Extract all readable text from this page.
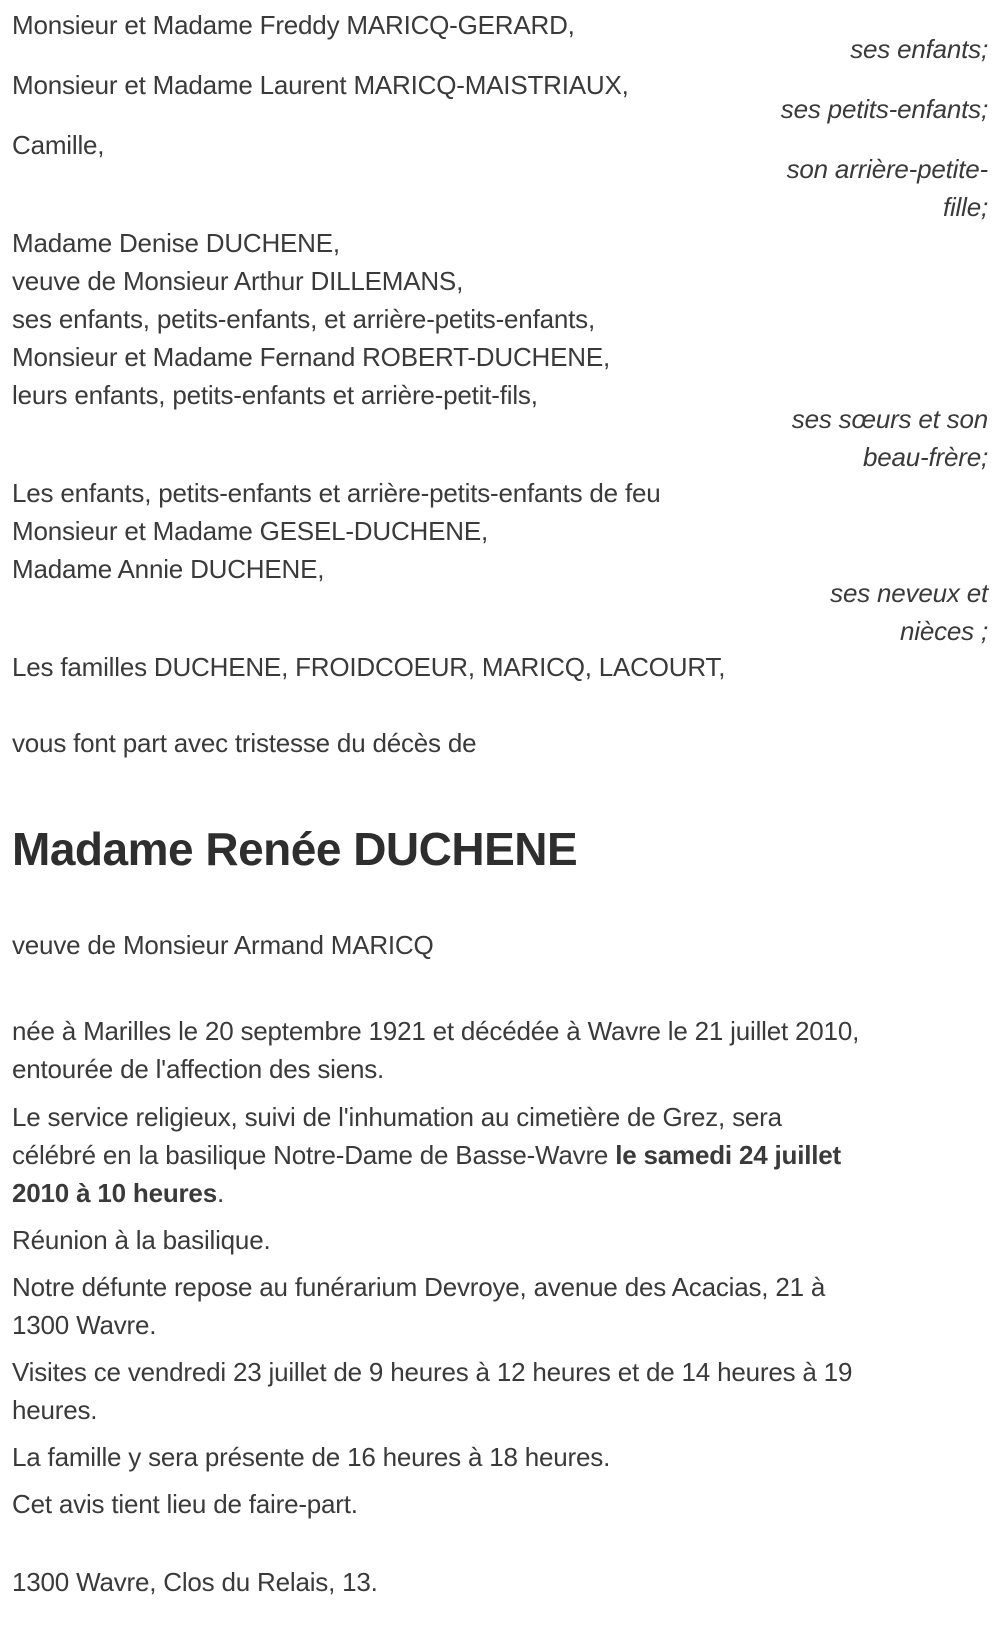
Monsieur et Madame Freddy MARICQ-GERARD,
ses enfants;
Monsieur et Madame Laurent MARICQ-MAISTRIAUX,
ses petits-enfants;
Camille,
son arrière-petite-
fille;
Madame Denise DUCHENE,
veuve de Monsieur Arthur DILLEMANS,
ses enfants, petits-enfants, et arrière-petits-enfants,
Monsieur et Madame Fernand ROBERT-DUCHENE,
leurs enfants, petits-enfants et arrière-petit-fils,
ses sœurs et son
beau-frère;
Les enfants, petits-enfants et arrière-petits-enfants de feu
Monsieur et Madame GESEL-DUCHENE,
Madame Annie DUCHENE,
ses neveux et
nièces ;
Les familles DUCHENE, FROIDCOEUR, MARICQ, LACOURT,
vous font part avec tristesse du décès de
Madame Renée DUCHENE
veuve de Monsieur Armand MARICQ
née à Marilles le 20 septembre 1921 et décédée à Wavre le 21 juillet 2010,
entourée de l'affection des siens.
Le service religieux, suivi de l'inhumation au cimetière de Grez, sera
célébré en la basilique Notre-Dame de Basse-Wavre le samedi 24 juillet
2010 à 10 heures.
Réunion à la basilique.
Notre défunte repose au funérarium Devroye, avenue des Acacias, 21 à
1300 Wavre.
Visites ce vendredi 23 juillet de 9 heures à 12 heures et de 14 heures à 19
heures.
La famille y sera présente de 16 heures à 18 heures.
Cet avis tient lieu de faire-part.
1300 Wavre, Clos du Relais, 13.
